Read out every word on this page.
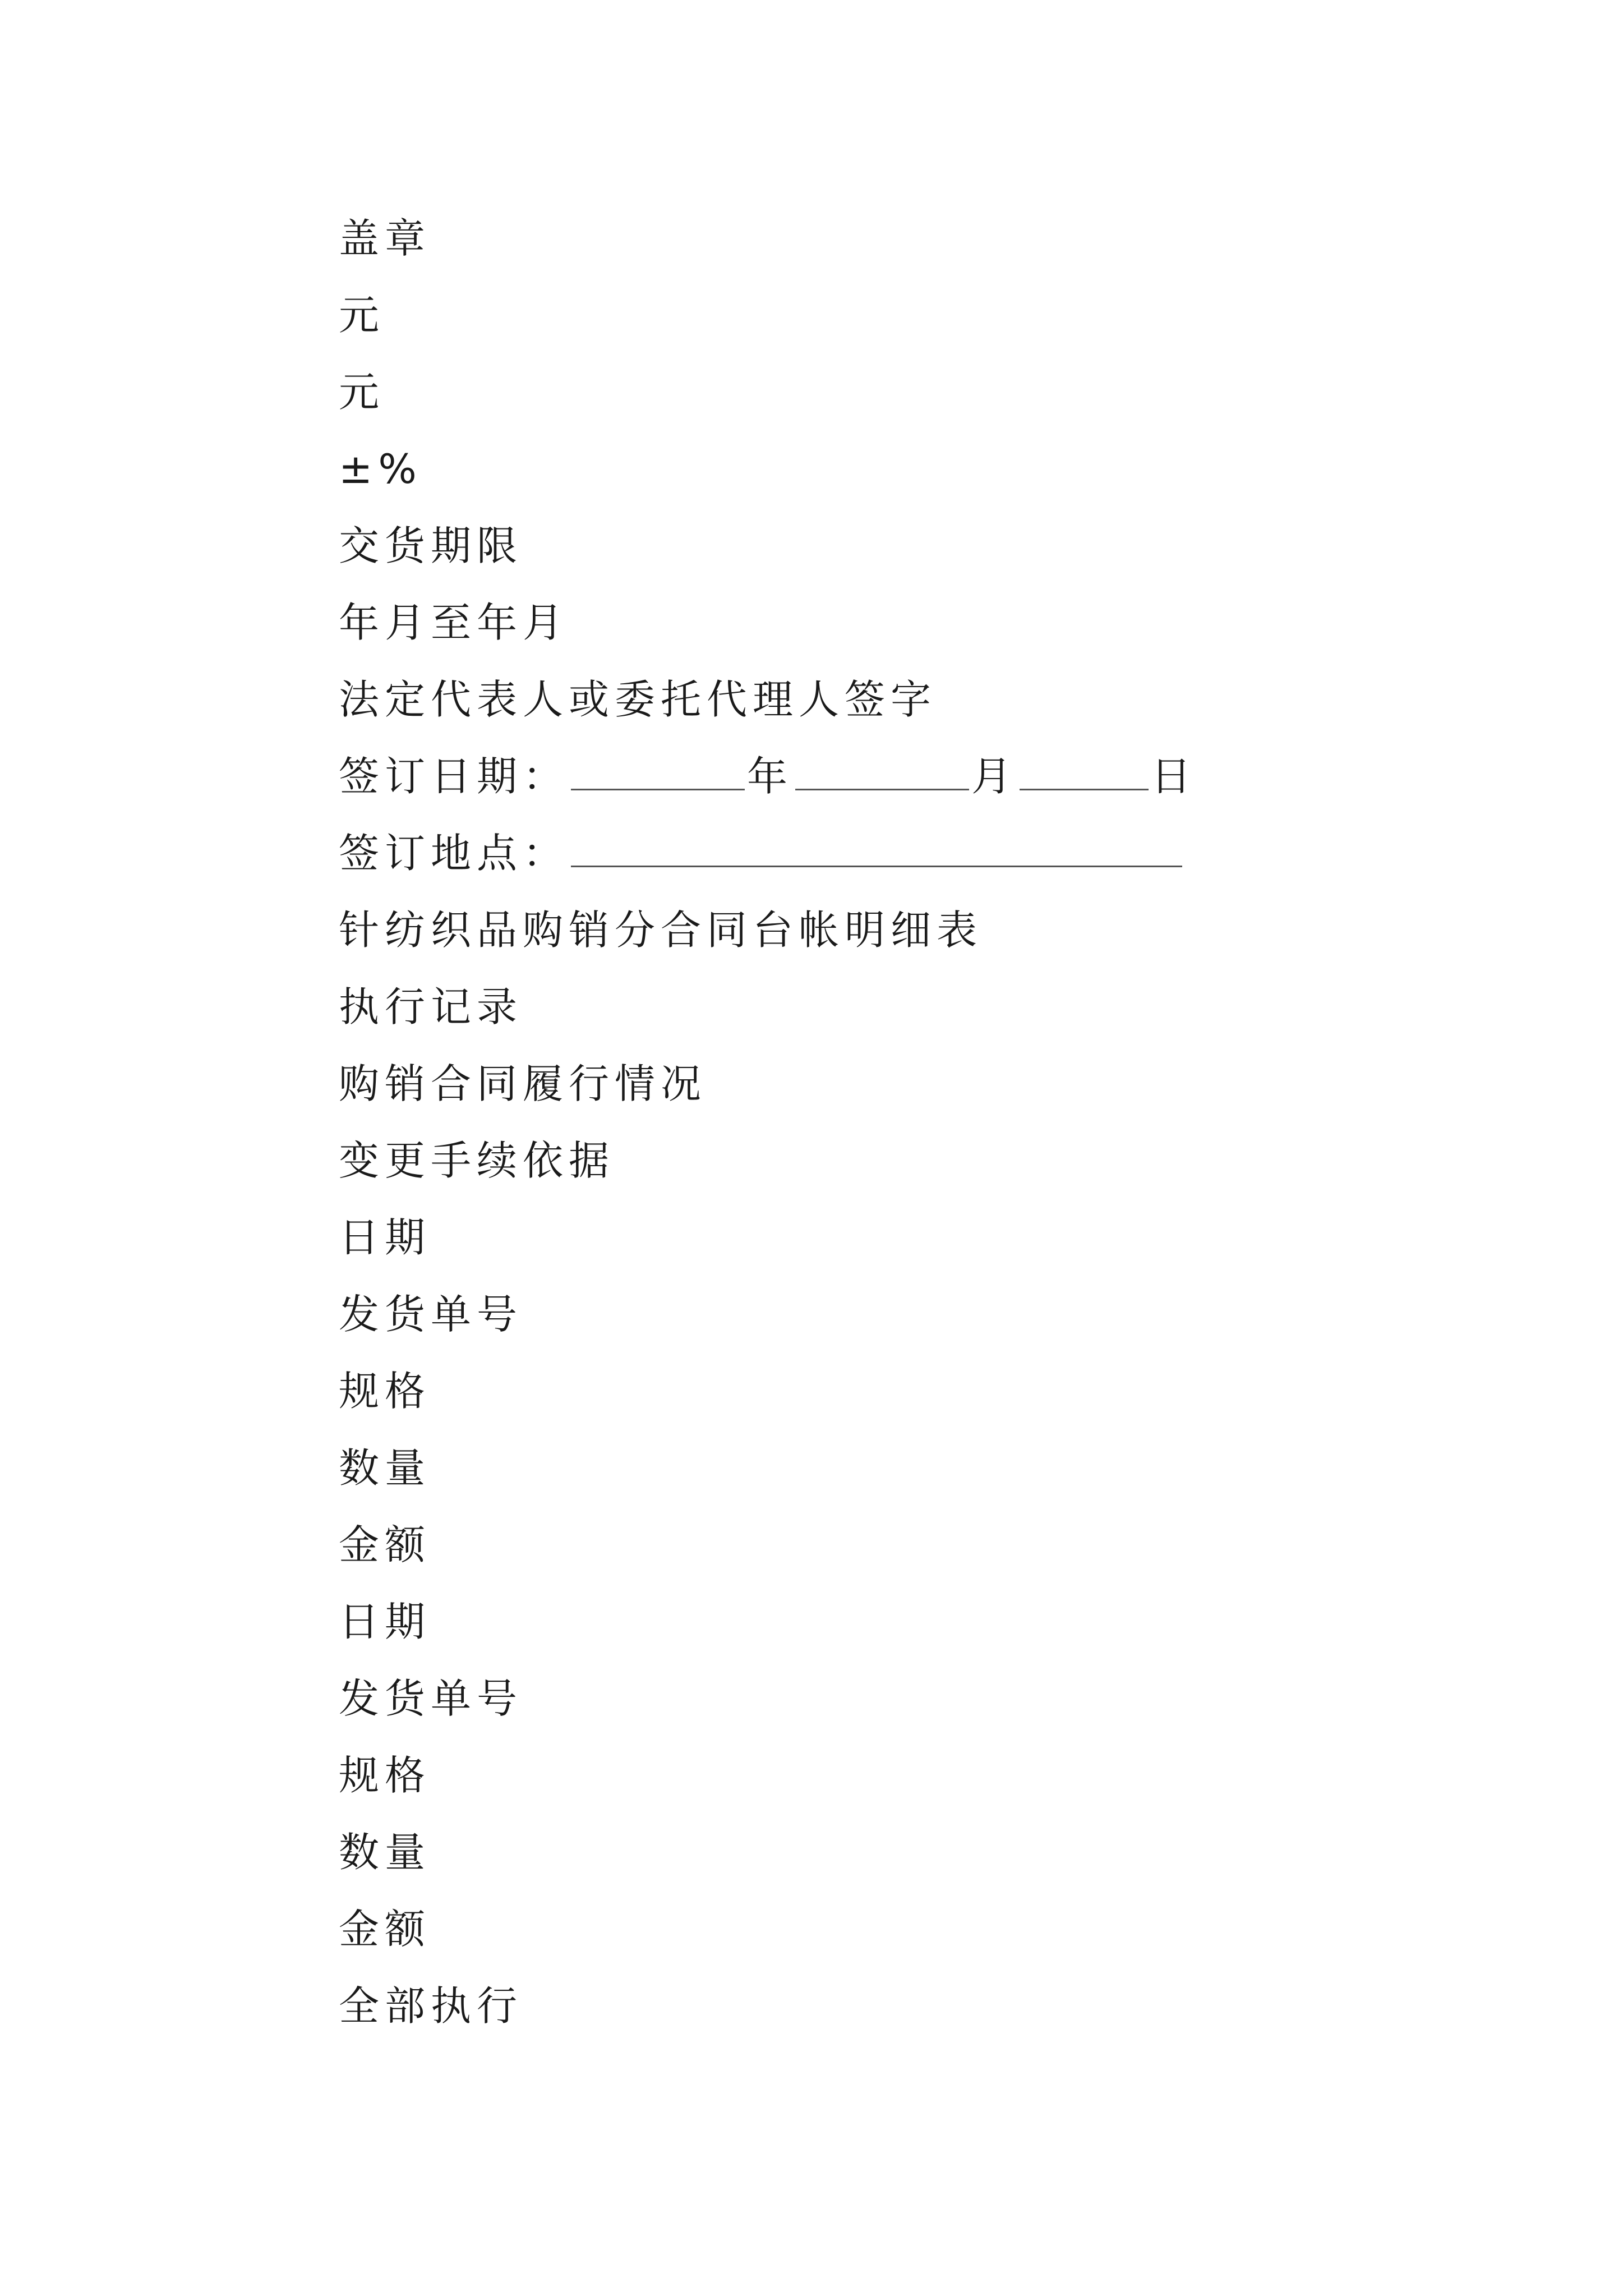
盖章
元
元
±%
交货期限
年月至年月
法定代表人或委托代理人签字
签订日期：	年	月	日
签订地点：
针纺织品购销分合同台帐明细表
执行记录
购销合同履行情况
变更手续依据
日期
发货单号
规格
数量
金额
日期
发货单号
规格
数量
金额
全部执行
